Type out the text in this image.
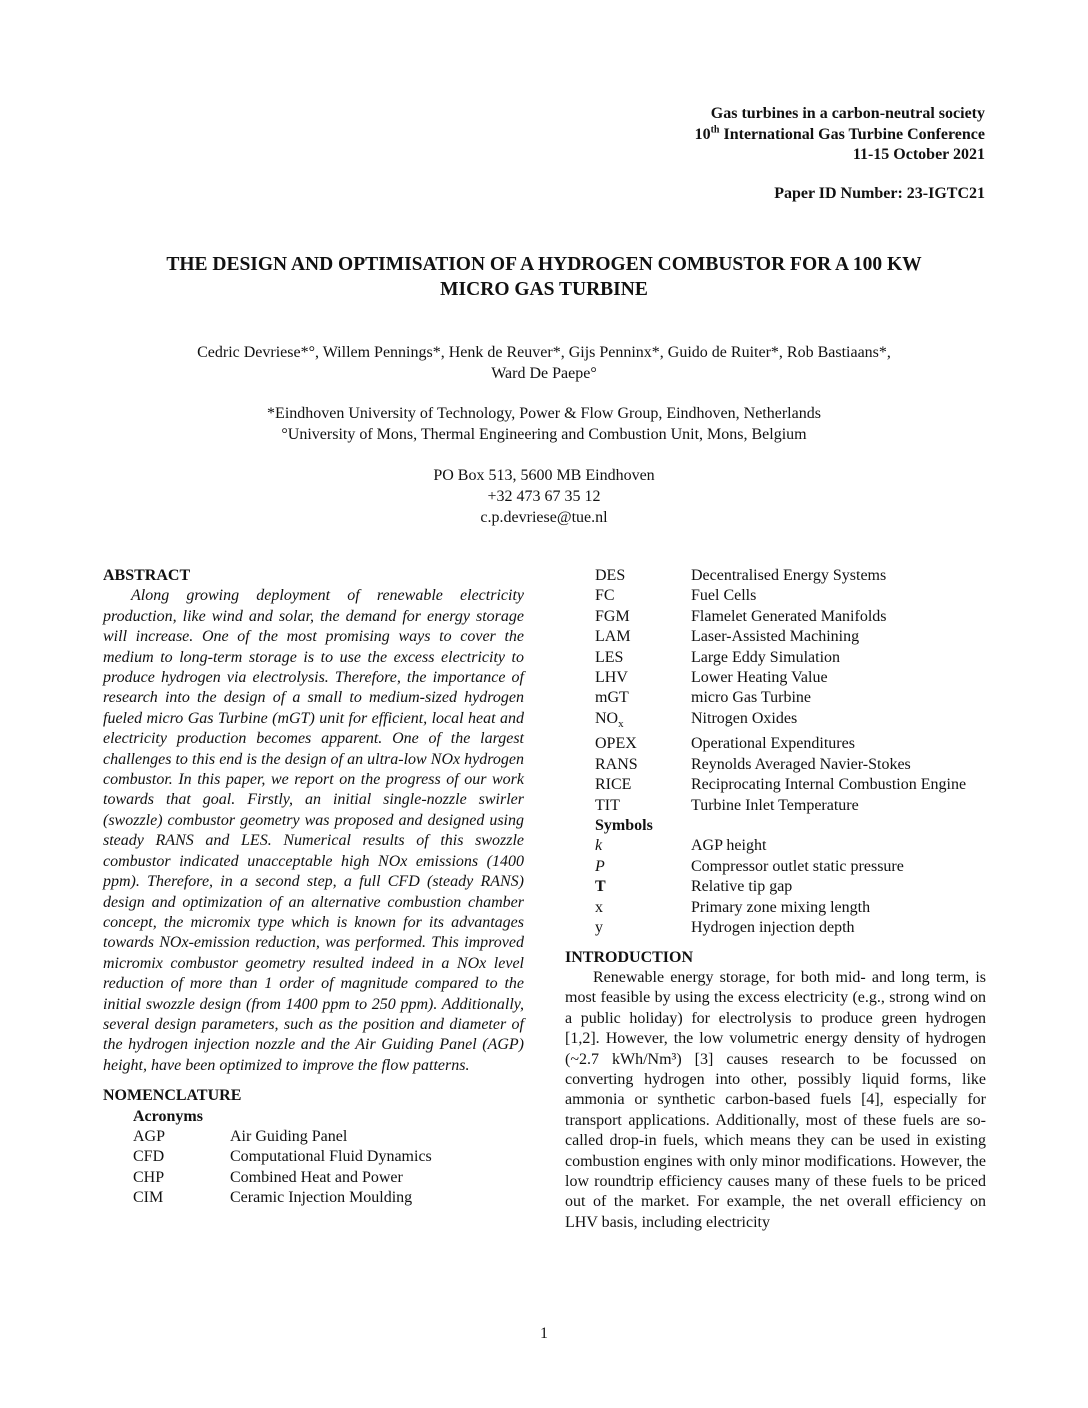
Gas turbines in a carbon-neutral society
10th International Gas Turbine Conference
11-15 October 2021
Paper ID Number: 23-IGTC21
THE DESIGN AND OPTIMISATION OF A HYDROGEN COMBUSTOR FOR A 100 KW
MICRO GAS TURBINE
Cedric Devriese*°, Willem Pennings*, Henk de Reuver*, Gijs Penninx*, Guido de Ruiter*, Rob Bastiaans*,
Ward De Paepe°
*Eindhoven University of Technology, Power & Flow Group, Eindhoven, Netherlands
°University of Mons, Thermal Engineering and Combustion Unit, Mons, Belgium
PO Box 513, 5600 MB Eindhoven
+32 473 67 35 12
c.p.devriese@tue.nl
ABSTRACT

Along growing deployment of renewable electricity production, like wind and solar, the demand for energy storage will increase. One of the most promising ways to cover the medium to long-term storage is to use the excess electricity to produce hydrogen via electrolysis. Therefore, the importance of research into the design of a small to medium-sized hydrogen fueled micro Gas Turbine (mGT) unit for efficient, local heat and electricity production becomes apparent. One of the largest challenges to this end is the design of an ultra-low NOx hydrogen combustor. In this paper, we report on the progress of our work towards that goal. Firstly, an initial single-nozzle swirler (swozzle) combustor geometry was proposed and designed using steady RANS and LES. Numerical results of this swozzle combustor indicated unacceptable high NOx emissions (1400 ppm). Therefore, in a second step, a full CFD (steady RANS) design and optimization of an alternative combustion chamber concept, the micromix type which is known for its advantages towards NOx-emission reduction, was performed. This improved micromix combustor geometry resulted indeed in a NOx level reduction of more than 1 order of magnitude compared to the initial swozzle design (from 1400 ppm to 250 ppm). Additionally, several design parameters, such as the position and diameter of the hydrogen injection nozzle and the Air Guiding Panel (AGP) height, have been optimized to improve the flow patterns.

NOMENCLATURE
Acronyms
AGP	Air Guiding Panel
CFD	Computational Fluid Dynamics
CHP	Combined Heat and Power
CIM	Ceramic Injection Moulding
DES	Decentralised Energy Systems
FC	Fuel Cells
FGM	Flamelet Generated Manifolds
LAM	Laser-Assisted Machining
LES	Large Eddy Simulation
LHV	Lower Heating Value
mGT	micro Gas Turbine
$NO_x$	Nitrogen Oxides
OPEX	Operational Expenditures
RANS	Reynolds Averaged Navier-Stokes
RICE	Reciprocating Internal Combustion Engine
TIT	Turbine Inlet Temperature
Symbols
k	AGP height
P	Compressor outlet static pressure
T	Relative tip gap
x	Primary zone mixing length
y	Hydrogen injection depth
INTRODUCTION

Renewable energy storage, for both mid- and long term, is most feasible by using the excess electricity (e.g., strong wind on a public holiday) for electrolysis to produce green hydrogen [1,2]. However, the low volumetric energy density of hydrogen (~2.7 kWh/Nm³) [3] causes research to be focussed on converting hydrogen into other, possibly liquid forms, like ammonia or synthetic carbon-based fuels [4], especially for transport applications. Additionally, most of these fuels are so-called drop-in fuels, which means they can be used in existing combustion engines with only minor modifications. However, the low roundtrip efficiency causes many of these fuels to be priced out of the market. For example, the net overall efficiency on LHV basis, including electricity

1
